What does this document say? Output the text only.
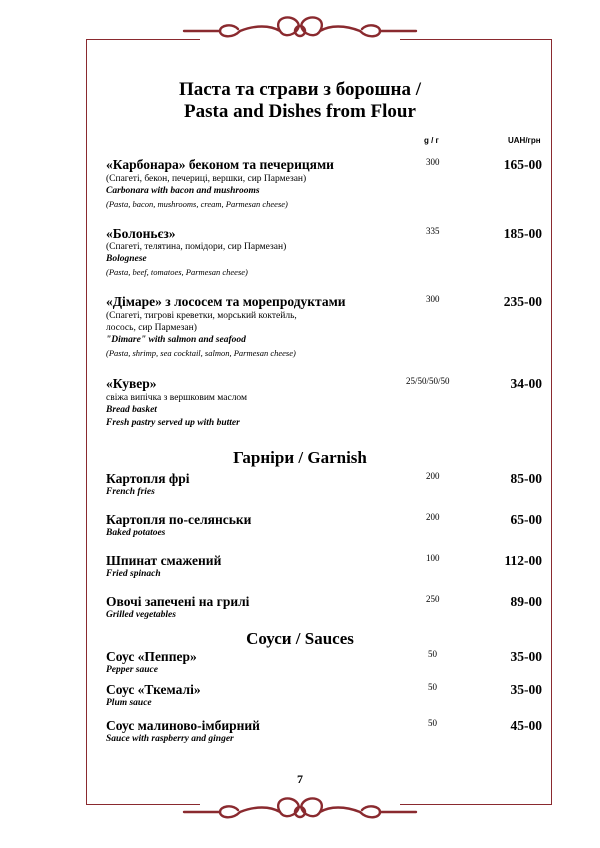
Паста та страви з борошна /
Pasta and Dishes from Flour
g / г	UAH/грн
«Карбонара» беконом та печерицями
(Спагеті, бекон, печериці, вершки, сир Пармезан)
Carbonara with bacon and mushrooms
(Pasta, bacon, mushrooms, cream, Parmesan cheese)
300	165-00
«Болоньєз»
(Спагеті, телятина, помідори, сир Пармезан)
Bolognese
(Pasta, beef, tomatoes, Parmesan cheese)
335	185-00
«Дімаре» з лососем та морепродуктами
(Спагеті, тигрові креветки, морський коктейль,
лосось, сир Пармезан)
"Dimare" with salmon and seafood
(Pasta, shrimp, sea cocktail, salmon, Parmesan cheese)
300	235-00
«Кувер»
свіжа випічка з вершковим маслом
Bread basket
Fresh pastry served up with butter
25/50/50/50	34-00
Гарніри / Garnish
Картопля фрі
French fries
200	85-00
Картопля по-селянськи
Baked potatoes
200	65-00
Шпинат смажений
Fried spinach
100	112-00
Овочі запечені на грилі
Grilled vegetables
250	89-00
Соуси / Sauces
Соус «Пеппер»
Pepper sauce
50	35-00
Соус «Ткемалі»
Plum sauce
50	35-00
Соус малиново-імбирний
Sauce with raspberry and ginger
50	45-00
7
